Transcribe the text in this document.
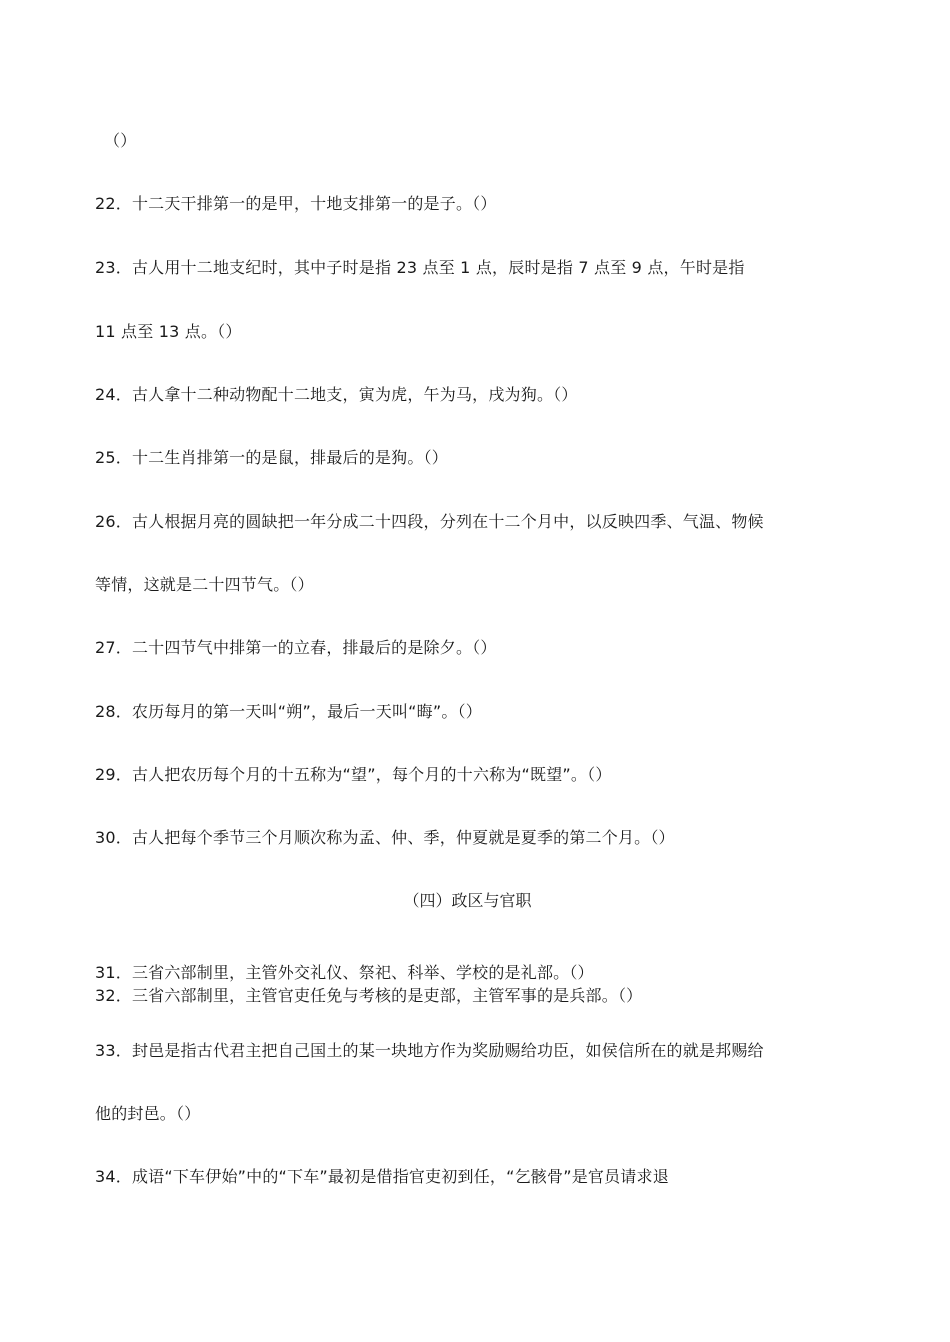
（）
22．十二天干排第一的是甲，十地支排第一的是子。（）
23．古人用十二地支纪时，其中子时是指 23 点至 1 点，辰时是指 7 点至 9 点，午时是指
11 点至 13 点。（）
24．古人拿十二种动物配十二地支，寅为虎，午为马，戌为狗。（）
25．十二生肖排第一的是鼠，排最后的是狗。（）
26．古人根据月亮的圆缺把一年分成二十四段，分列在十二个月中，以反映四季、气温、物候
等情，这就是二十四节气。（）
27．二十四节气中排第一的立春，排最后的是除夕。（）
28．农历每月的第一天叫“朔”，最后一天叫“晦”。（）
29．古人把农历每个月的十五称为“望”，每个月的十六称为“既望”。（）
30．古人把每个季节三个月顺次称为孟、仲、季，仲夏就是夏季的第二个月。（）
（四）政区与官职
31．三省六部制里，主管外交礼仪、祭祀、科举、学校的是礼部。（）
32．三省六部制里，主管官吏任免与考核的是吏部，主管军事的是兵部。（）
33．封邑是指古代君主把自己国土的某一块地方作为奖励赐给功臣，如侯信所在的就是邦赐给
他的封邑。（）
34．成语“下车伊始”中的“下车”最初是借指官吏初到任，“乞骸骨”是官员请求退
